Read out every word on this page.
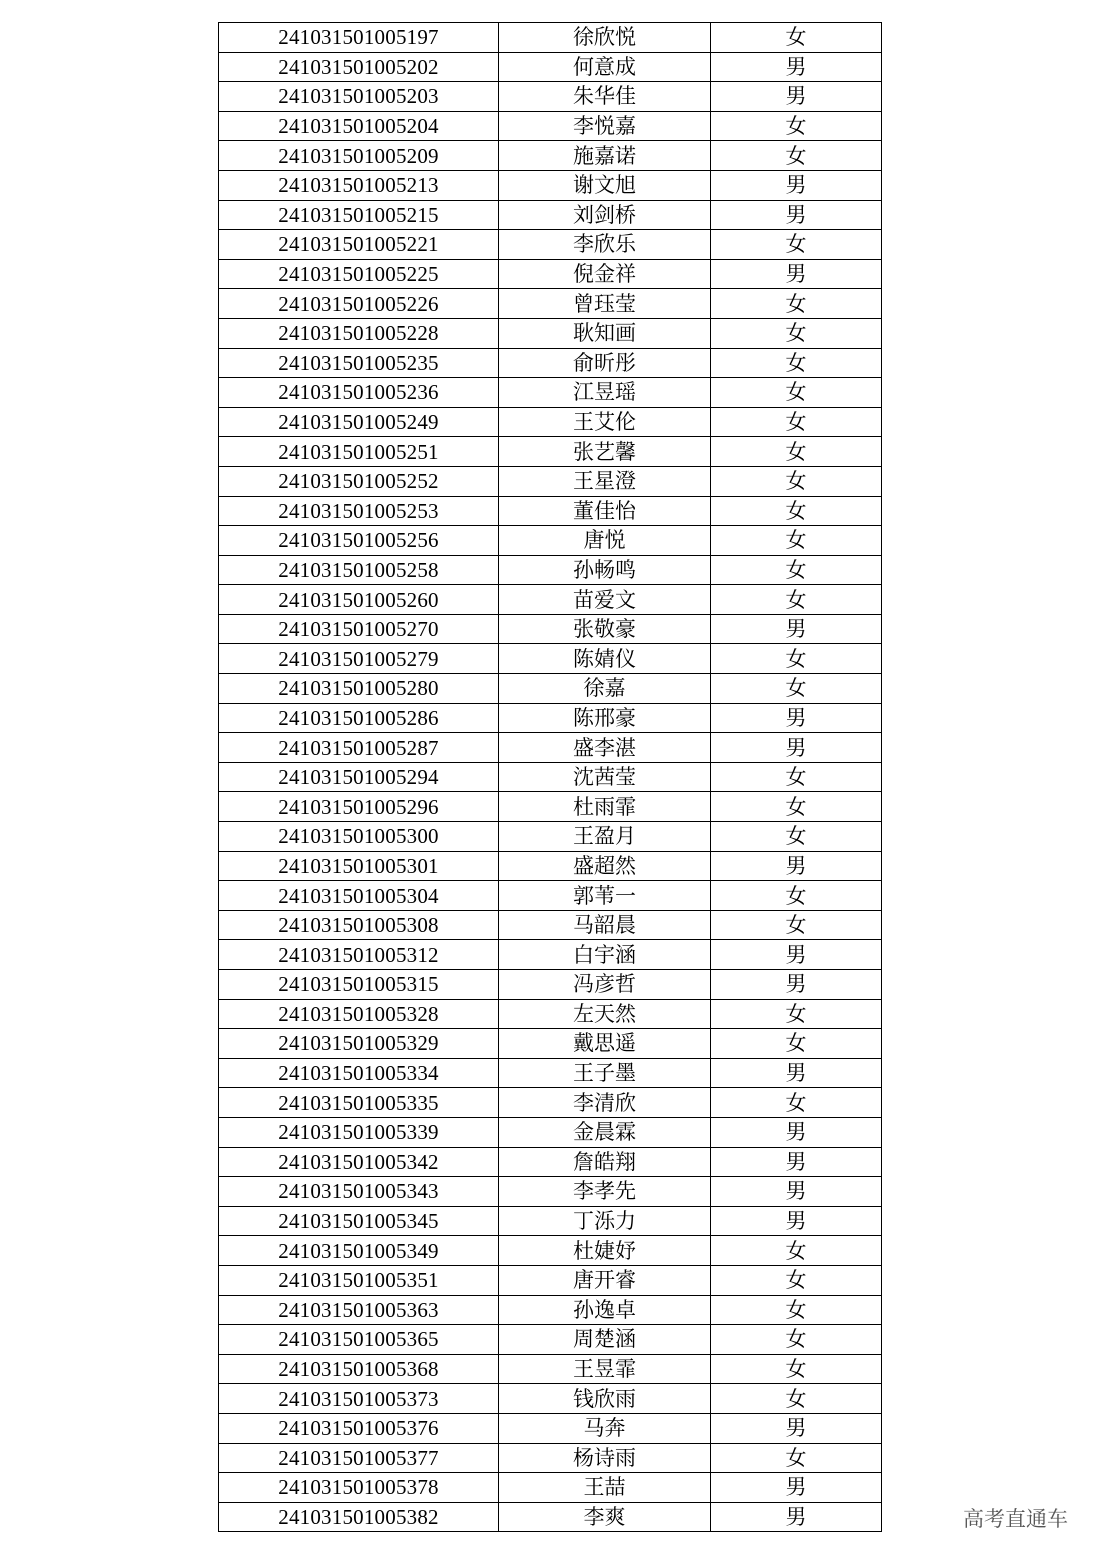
241031501005197	徐欣悦	女
241031501005202	何意成	男
241031501005203	朱华佳	男
241031501005204	李悦嘉	女
241031501005209	施嘉诺	女
241031501005213	谢文旭	男
241031501005215	刘剑桥	男
241031501005221	李欣乐	女
241031501005225	倪金祥	男
241031501005226	曾珏莹	女
241031501005228	耿知画	女
241031501005235	俞昕彤	女
241031501005236	江昱瑶	女
241031501005249	王艾伦	女
241031501005251	张艺馨	女
241031501005252	王星澄	女
241031501005253	董佳怡	女
241031501005256	唐悦	女
241031501005258	孙畅鸣	女
241031501005260	苗爱文	女
241031501005270	张敬豪	男
241031501005279	陈婧仪	女
241031501005280	徐嘉	女
241031501005286	陈邢豪	男
241031501005287	盛李湛	男
241031501005294	沈茜莹	女
241031501005296	杜雨霏	女
241031501005300	王盈月	女
241031501005301	盛超然	男
241031501005304	郭苇一	女
241031501005308	马韶晨	女
241031501005312	白宇涵	男
241031501005315	冯彦哲	男
241031501005328	左天然	女
241031501005329	戴思遥	女
241031501005334	王子墨	男
241031501005335	李清欣	女
241031501005339	金晨霖	男
241031501005342	詹皓翔	男
241031501005343	李孝先	男
241031501005345	丁泺力	男
241031501005349	杜婕妤	女
241031501005351	唐开睿	女
241031501005363	孙逸卓	女
241031501005365	周楚涵	女
241031501005368	王昱霏	女
241031501005373	钱欣雨	女
241031501005376	马奔	男
241031501005377	杨诗雨	女
241031501005378	王喆	男
241031501005382	李爽	男	高考直通车
